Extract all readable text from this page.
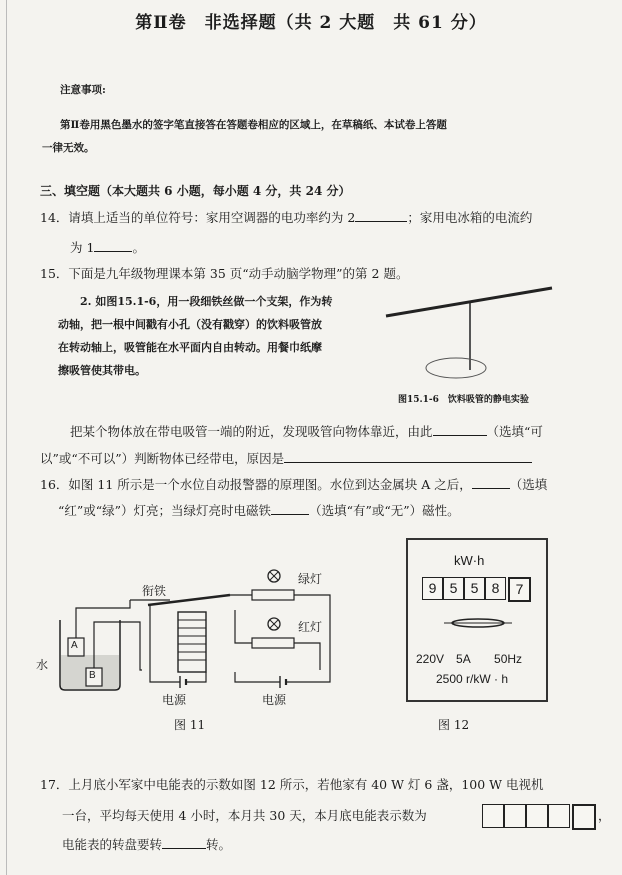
第Ⅱ卷　非选择题（共 2 大题　共 61 分）
注意事项:
第Ⅱ卷用黑色墨水的签字笔直接答在答题卷相应的区域上，在草稿纸、本试卷上答题
一律无效。
三、填空题（本大题共 6 小题，每小题 4 分，共 24 分）
14．请填上适当的单位符号：家用空调器的电功率约为 2	；家用电冰箱的电流约
为 1	。
15．下面是九年级物理课本第 35 页“动手动脑学物理”的第 2 题。
2. 如图15.1-6，用一段细铁丝做一个支架，作为转
动轴，把一根中间戳有小孔（没有戳穿）的饮料吸管放
在转动轴上，吸管能在水平面内自由转动。用餐巾纸摩
擦吸管使其带电。
图15.1-6　饮料吸管的静电实验
把某个物体放在带电吸管一端的附近，发现吸管向物体靠近，由此	（选填“可
以”或“不可以”）判断物体已经带电，原因是
16．如图 11 所示是一个水位自动报警器的原理图。水位到达金属块 A 之后，	（选填
“红”或“绿”）灯亮；当绿灯亮时电磁铁	（选填“有”或“无”）磁性。
衔铁
绿灯
红灯
水
A
B
电源	电源
图 11
kW·h
9 5 5 8	7
220V　5A　　50Hz
2500 r/kW · h
图 12
17．上月底小军家中电能表的示数如图 12 所示，若他家有 40 W 灯 6 盏，100 W 电视机
一台，平均每天使用 4 小时，本月共 30 天，本月底电能表示数为	，
电能表的转盘要转	转。
